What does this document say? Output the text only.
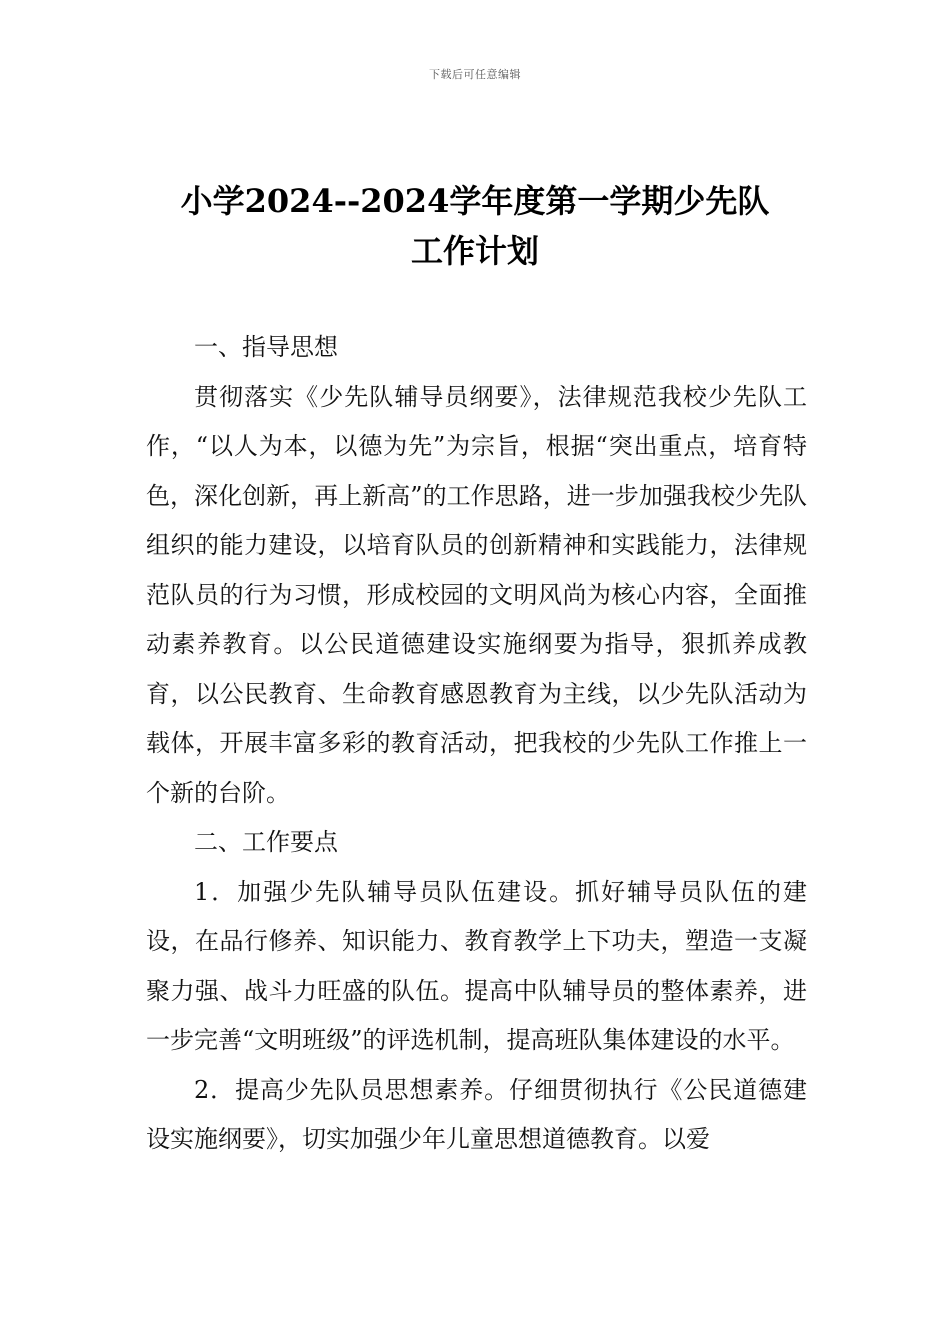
下载后可任意编辑
小学2024--2024学年度第一学期少先队
工作计划

一、指导思想

贯彻落实《少先队辅导员纲要》，法律规范我校少先队工作，“以人为本，以德为先”为宗旨，根据“突出重点，培育特色，深化创新，再上新高”的工作思路，进一步加强我校少先队组织的能力建设，以培育队员的创新精神和实践能力，法律规范队员的行为习惯，形成校园的文明风尚为核心内容，全面推动素养教育。以公民道德建设实施纲要为指导，狠抓养成教育，以公民教育、生命教育感恩教育为主线，以少先队活动为载体，开展丰富多彩的教育活动，把我校的少先队工作推上一个新的台阶。

二、工作要点

1．加强少先队辅导员队伍建设。抓好辅导员队伍的建设，在品行修养、知识能力、教育教学上下功夫，塑造一支凝聚力强、战斗力旺盛的队伍。提高中队辅导员的整体素养，进一步完善“文明班级”的评选机制，提高班队集体建设的水平。

2．提高少先队员思想素养。仔细贯彻执行《公民道德建设实施纲要》，切实加强少年儿童思想道德教育。以爱
